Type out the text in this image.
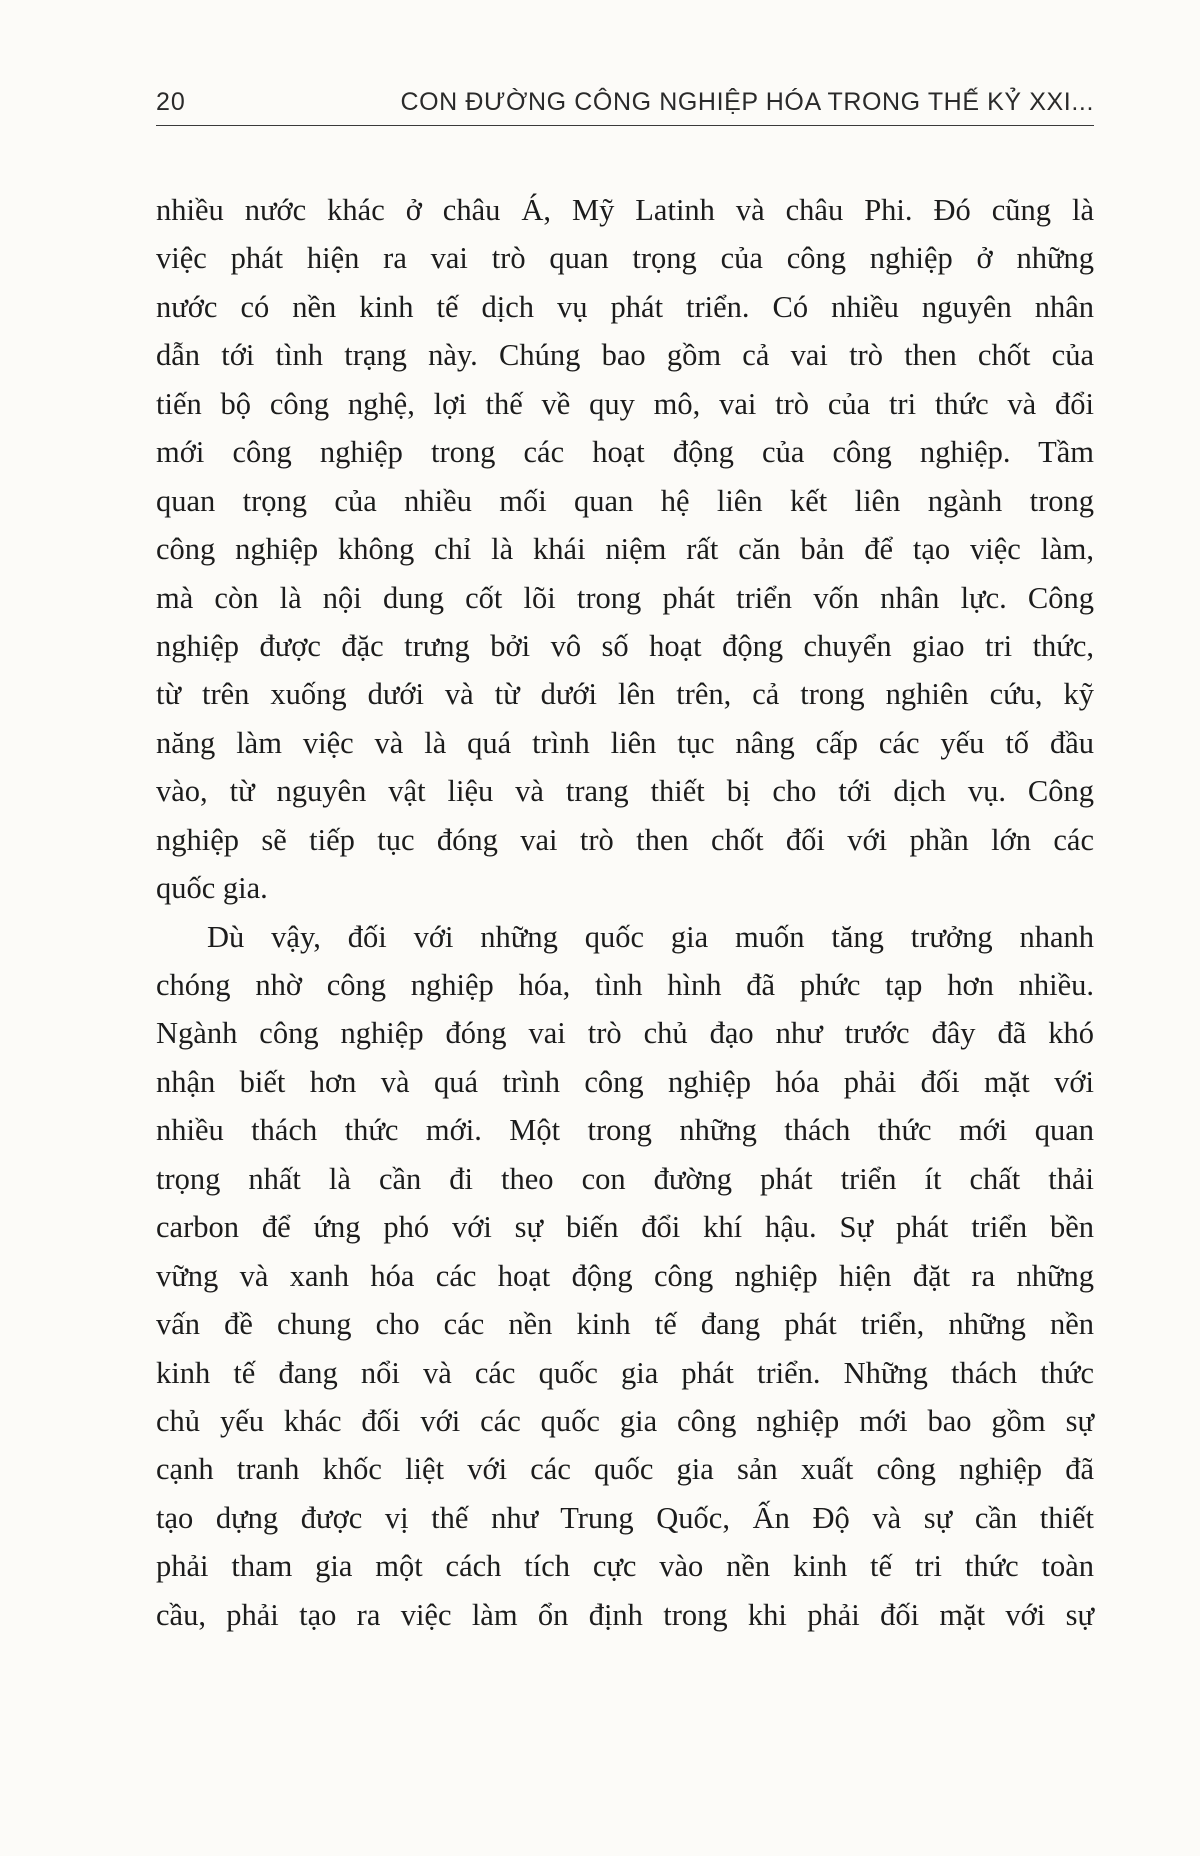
20	CON ĐƯỜNG CÔNG NGHIỆP HÓA TRONG THẾ KỶ XXI...
nhiều nước khác ở châu Á, Mỹ Latinh và châu Phi. Đó cũng là
việc phát hiện ra vai trò quan trọng của công nghiệp ở những
nước có nền kinh tế dịch vụ phát triển. Có nhiều nguyên nhân
dẫn tới tình trạng này. Chúng bao gồm cả vai trò then chốt của
tiến bộ công nghệ, lợi thế về quy mô, vai trò của tri thức và đổi
mới công nghiệp trong các hoạt động của công nghiệp. Tầm
quan trọng của nhiều mối quan hệ liên kết liên ngành trong
công nghiệp không chỉ là khái niệm rất căn bản để tạo việc làm,
mà còn là nội dung cốt lõi trong phát triển vốn nhân lực. Công
nghiệp được đặc trưng bởi vô số hoạt động chuyển giao tri thức,
từ trên xuống dưới và từ dưới lên trên, cả trong nghiên cứu, kỹ
năng làm việc và là quá trình liên tục nâng cấp các yếu tố đầu
vào, từ nguyên vật liệu và trang thiết bị cho tới dịch vụ. Công
nghiệp sẽ tiếp tục đóng vai trò then chốt đối với phần lớn các
quốc gia.
Dù vậy, đối với những quốc gia muốn tăng trưởng nhanh
chóng nhờ công nghiệp hóa, tình hình đã phức tạp hơn nhiều.
Ngành công nghiệp đóng vai trò chủ đạo như trước đây đã khó
nhận biết hơn và quá trình công nghiệp hóa phải đối mặt với
nhiều thách thức mới. Một trong những thách thức mới quan
trọng nhất là cần đi theo con đường phát triển ít chất thải
carbon để ứng phó với sự biến đổi khí hậu. Sự phát triển bền
vững và xanh hóa các hoạt động công nghiệp hiện đặt ra những
vấn đề chung cho các nền kinh tế đang phát triển, những nền
kinh tế đang nổi và các quốc gia phát triển. Những thách thức
chủ yếu khác đối với các quốc gia công nghiệp mới bao gồm sự
cạnh tranh khốc liệt với các quốc gia sản xuất công nghiệp đã
tạo dựng được vị thế như Trung Quốc, Ấn Độ và sự cần thiết
phải tham gia một cách tích cực vào nền kinh tế tri thức toàn
cầu, phải tạo ra việc làm ổn định trong khi phải đối mặt với sự
